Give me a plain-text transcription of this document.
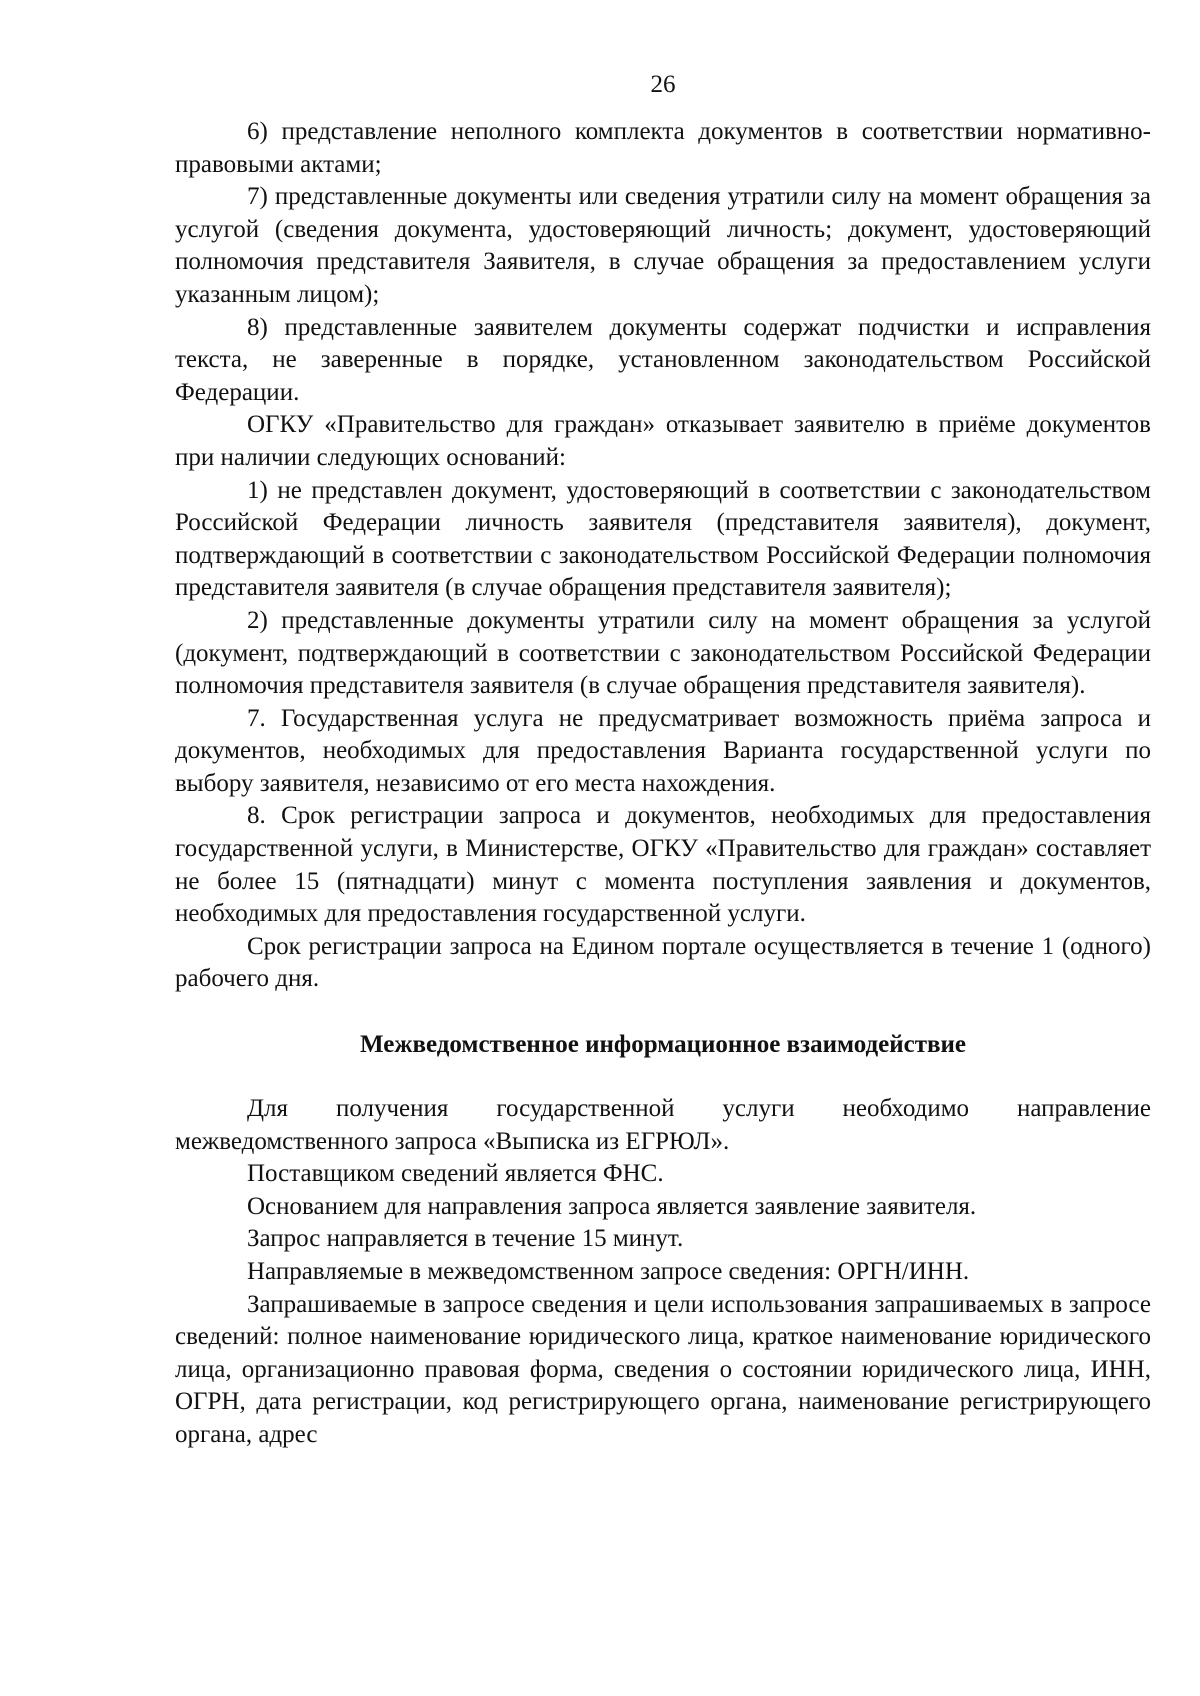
26

6) представление неполного комплекта документов в соответствии нормативно-правовыми актами;

7) представленные документы или сведения утратили силу на момент обращения за услугой (сведения документа, удостоверяющий личность; документ, удостоверяющий полномочия представителя Заявителя, в случае обращения за предоставлением услуги указанным лицом);

8) представленные заявителем документы содержат подчистки и исправления текста, не заверенные в порядке, установленном законодательством Российской Федерации.

ОГКУ «Правительство для граждан» отказывает заявителю в приёме документов при наличии следующих оснований:

1) не представлен документ, удостоверяющий в соответствии с законодательством Российской Федерации личность заявителя (представителя заявителя), документ, подтверждающий в соответствии с законодательством Российской Федерации полномочия представителя заявителя (в случае обращения представителя заявителя);

2) представленные документы утратили силу на момент обращения за услугой (документ, подтверждающий в соответствии с законодательством Российской Федерации полномочия представителя заявителя (в случае обращения представителя заявителя).

7. Государственная услуга не предусматривает возможность приёма запроса и документов, необходимых для предоставления Варианта государственной услуги по выбору заявителя, независимо от его места нахождения.

8. Срок регистрации запроса и документов, необходимых для предоставления государственной услуги, в Министерстве, ОГКУ «Правительство для граждан» составляет не более 15 (пятнадцати) минут с момента поступления заявления и документов, необходимых для предоставления государственной услуги.

Срок регистрации запроса на Едином портале осуществляется в течение 1 (одного) рабочего дня.

Межведомственное информационное взаимодействие

Для получения государственной услуги необходимо направление межведомственного запроса «Выписка из ЕГРЮЛ».

Поставщиком сведений является ФНС.

Основанием для направления запроса является заявление заявителя.

Запрос направляется в течение 15 минут.

Направляемые в межведомственном запросе сведения: ОРГН/ИНН.

Запрашиваемые в запросе сведения и цели использования запрашиваемых в запросе сведений: полное наименование юридического лица, краткое наименование юридического лица, организационно правовая форма, сведения о состоянии юридического лица, ИНН, ОГРН, дата регистрации, код регистрирующего органа, наименование регистрирующего органа, адрес
